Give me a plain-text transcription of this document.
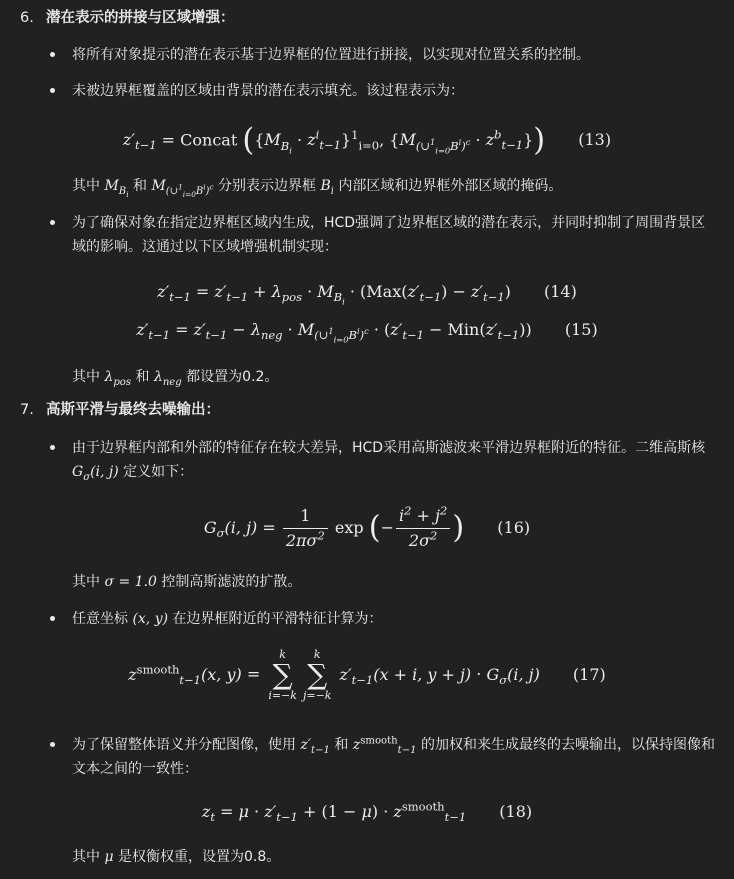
6. 潜在表示的拼接与区域增强：
将所有对象提示的潜在表示基于边界框的位置进行拼接，以实现对位置关系的控制。
未被边界框覆盖的区域由背景的潜在表示填充。该过程表示为：
$z'_{t-1}$ = Concat ($\{M_{B_i} \cdot z^i_{t-1}\}^1_{i=0}$, $\{M_{(\cup^1_{i=0}B^i)^c} \cdot z^b_{t-1}\}$) (13)
其中 $M_{B_i}$ 和 $M_{(\cup^1_{i=0}B^i)^c}$ 分别表示边界框 $B_i$ 内部区域和边界框外部区域的掩码。
为了确保对象在指定边界框区域内生成，HCD强调了边界框区域的潜在表示，并同时抑制了周围背景区域的影响。这通过以下区域增强机制实现：
$z'_{t-1} = z'_{t-1} + \lambda_{pos} \cdot M_{B_i} \cdot (Max(z'_{t-1}) - z'_{t-1})$ (14)
$z'_{t-1} = z'_{t-1} - \lambda_{neg} \cdot M_{(\cup^1_{i=0}B^i)^c} \cdot (z'_{t-1} - Min(z'_{t-1}))$ (15)
其中 $\lambda_{pos}$ 和 $\lambda_{neg}$ 都设置为0.2。
7. 高斯平滑与最终去噪输出：
由于边界框内部和外部的特征存在较大差异，HCD采用高斯滤波来平滑边界框附近的特征。二维高斯核 $G_\sigma(i$, j) 定义如下：
$G_\sigma(i$, $j) = \frac{1}{2\pi\sigma^2}$ exp (− $\frac{i^2 + j^2}{2\sigma^2}$ ) (16)
其中 σ = 1.0 控制高斯滤波的扩散。
任意坐标 (x, y) 在边界框附近的平滑特征计算为：
$z^{smooth}_{t-1}(x$, y) =
k
∑
i=−k
k
∑
j=−k
$z'_{t-1}(x + i$, $y + j) \cdot G_\sigma(i$, j) (17)
为了保留整体语义并分配图像，使用 $z'_{t-1}$ 和 $z^{smooth}_{t-1}$ 的加权和来生成最终的去噪输出，以保持图像和文本之间的一致性：
$z_t = \mu \cdot z'_{t-1} + (1 - \mu) \cdot z^{smooth}_{t-1}$ (18)
其中 μ 是权衡权重，设置为0.8。
